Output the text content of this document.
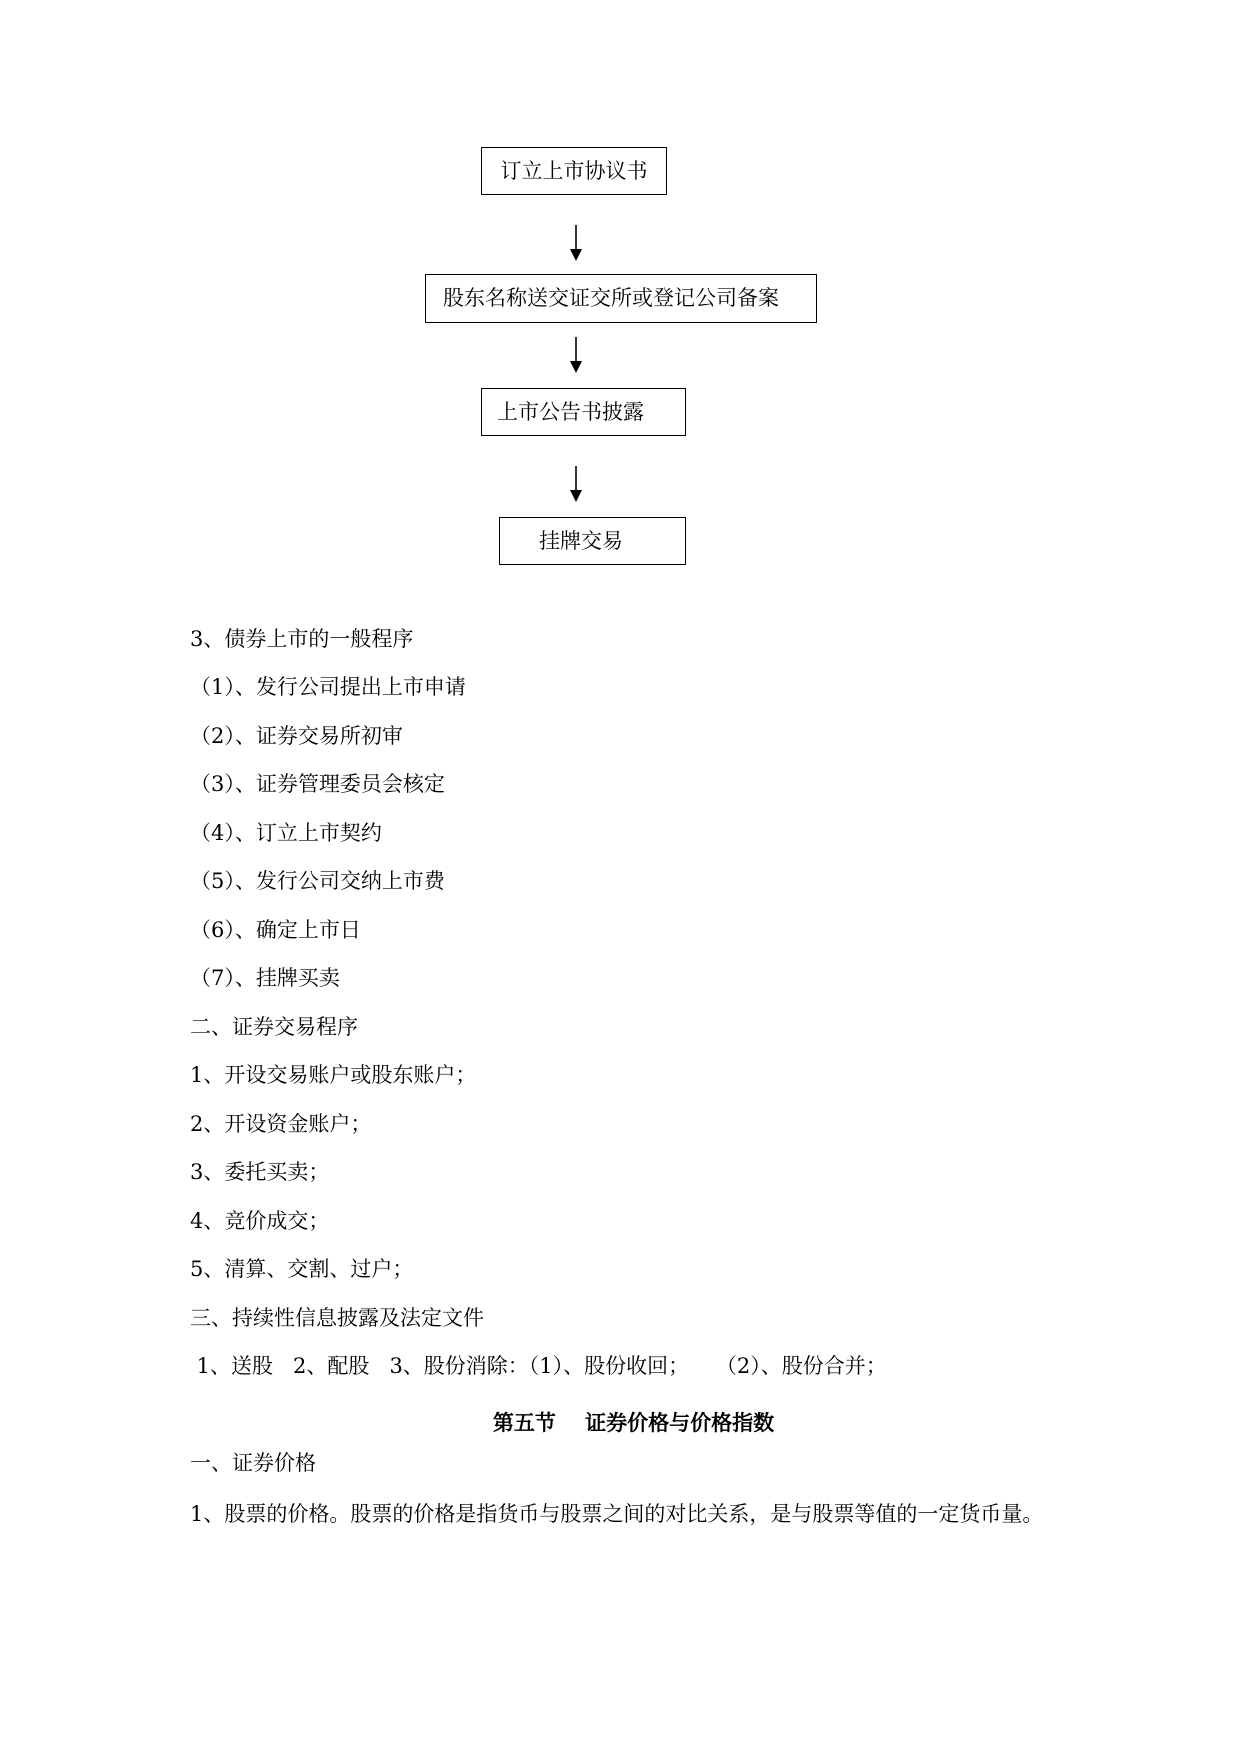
订立上市协议书
股东名称送交证交所或登记公司备案
上市公告书披露
挂牌交易
3、债券上市的一般程序
（1）、发行公司提出上市申请
（2）、证券交易所初审
（3）、证券管理委员会核定
（4）、订立上市契约
（5）、发行公司交纳上市费
（6）、确定上市日
（7）、挂牌买卖
二、证券交易程序
1、开设交易账户或股东账户；
2、开设资金账户；
3、委托买卖；
4、竞价成交；
5、清算、交割、过户；
三、持续性信息披露及法定文件
1、送股   2、配股   3、股份消除：（1）、股份收回；    （2）、股份合并；
第五节    证券价格与价格指数
一、证券价格
1、股票的价格。股票的价格是指货币与股票之间的对比关系，是与股票等值的一定货币量。
